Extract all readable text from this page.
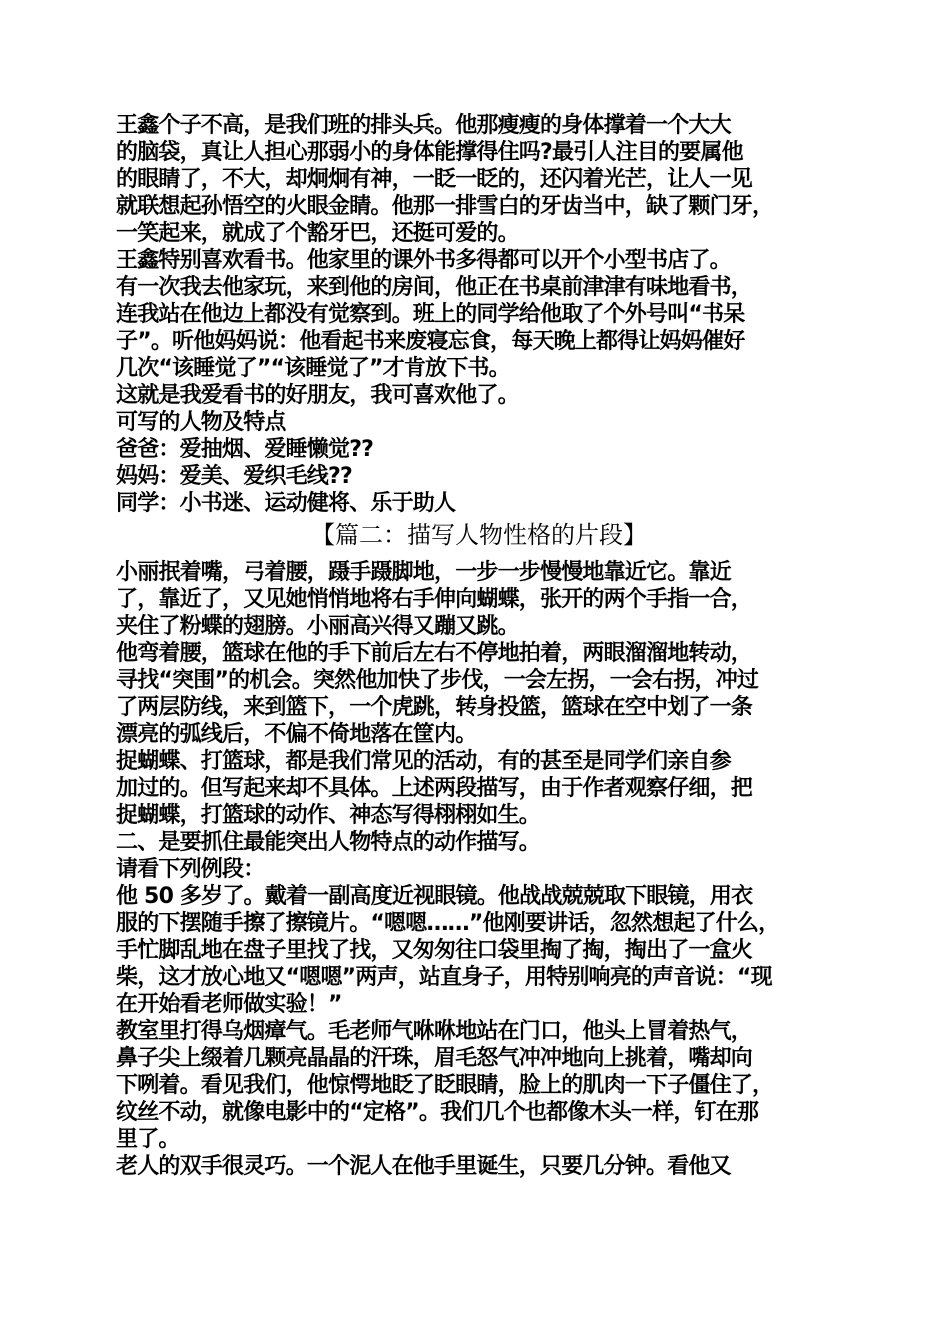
王鑫个子不高，是我们班的排头兵。他那瘦瘦的身体撑着一个大大
的脑袋，真让人担心那弱小的身体能撑得住吗?最引人注目的要属他
的眼睛了，不大，却炯炯有神，一眨一眨的，还闪着光芒，让人一见
就联想起孙悟空的火眼金睛。他那一排雪白的牙齿当中，缺了颗门牙，
一笑起来，就成了个豁牙巴，还挺可爱的。
王鑫特别喜欢看书。他家里的课外书多得都可以开个小型书店了。
有一次我去他家玩，来到他的房间，他正在书桌前津津有味地看书，
连我站在他边上都没有觉察到。班上的同学给他取了个外号叫“书呆
子”。听他妈妈说：他看起书来废寝忘食，每天晚上都得让妈妈催好
几次“该睡觉了”“该睡觉了”才肯放下书。
这就是我爱看书的好朋友，我可喜欢他了。
可写的人物及特点
爸爸：爱抽烟、爱睡懒觉??
妈妈：爱美、爱织毛线??
同学：小书迷、运动健将、乐于助人
【篇二：描写人物性格的片段】
小丽抿着嘴，弓着腰，蹑手蹑脚地，一步一步慢慢地靠近它。靠近
了，靠近了，又见她悄悄地将右手伸向蝴蝶，张开的两个手指一合，
夹住了粉蝶的翅膀。小丽高兴得又蹦又跳。
他弯着腰，篮球在他的手下前后左右不停地拍着，两眼溜溜地转动，
寻找“突围”的机会。突然他加快了步伐，一会左拐，一会右拐，冲过
了两层防线，来到篮下，一个虎跳，转身投篮，篮球在空中划了一条
漂亮的弧线后，不偏不倚地落在筐内。
捉蝴蝶、打篮球，都是我们常见的活动，有的甚至是同学们亲自参
加过的。但写起来却不具体。上述两段描写，由于作者观察仔细，把
捉蝴蝶，打篮球的动作、神态写得栩栩如生。
二、是要抓住最能突出人物特点的动作描写。
请看下列例段：
他 50 多岁了。戴着一副高度近视眼镜。他战战兢兢取下眼镜，用衣
服的下摆随手擦了擦镜片。“嗯嗯……”他刚要讲话，忽然想起了什么，
手忙脚乱地在盘子里找了找，又匆匆往口袋里掏了掏，掏出了一盒火
柴，这才放心地又“嗯嗯”两声，站直身子，用特别响亮的声音说：“现
在开始看老师做实验！”
教室里打得乌烟瘴气。毛老师气咻咻地站在门口，他头上冒着热气，
鼻子尖上缀着几颗亮晶晶的汗珠，眉毛怒气冲冲地向上挑着，嘴却向
下咧着。看见我们，他惊愕地眨了眨眼睛，脸上的肌肉一下子僵住了，
纹丝不动，就像电影中的“定格”。我们几个也都像木头一样，钉在那
里了。
老人的双手很灵巧。一个泥人在他手里诞生，只要几分钟。看他又
